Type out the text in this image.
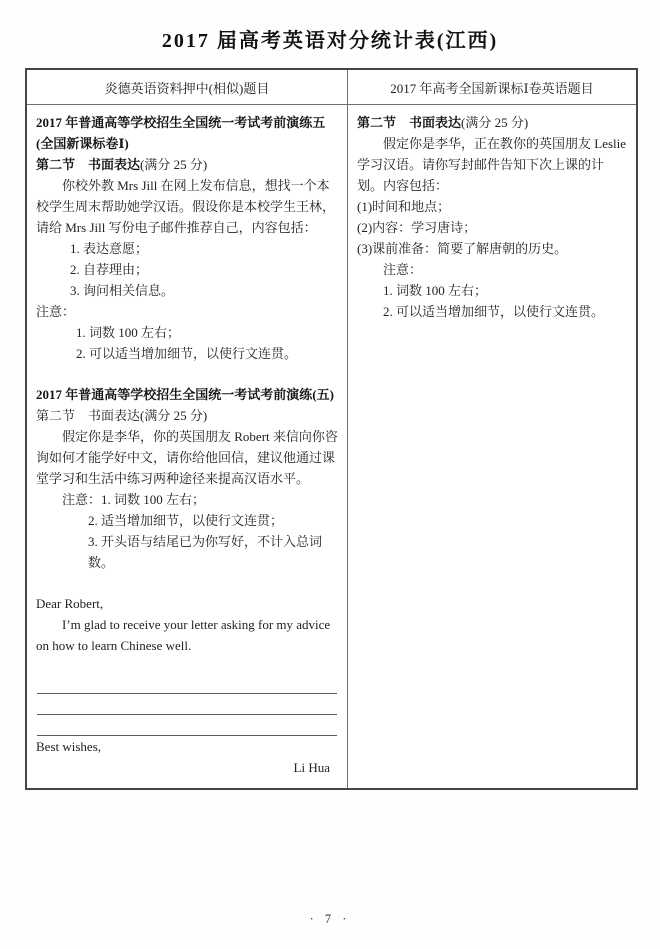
2017 届高考英语对分统计表(江西)
炎德英语资料押中(相似)题目	2017 年高考全国新课标Ⅰ卷英语题目

2017 年普通高等学校招生全国统一考试考前演练五(全国新课标卷Ⅰ)

第二节　书面表达(满分 25 分)

你校外教 Mrs Jill 在网上发布信息，想找一个本校学生周末帮助她学汉语。假设你是本校学生王林，请给 Mrs Jill 写份电子邮件推荐自己，内容包括：

1. 表达意愿；

2. 自荐理由；

3. 询问相关信息。

注意：

1. 词数 100 左右；

2. 可以适当增加细节，以使行文连贯。

2017 年普通高等学校招生全国统一考试考前演练(五)

第二节　书面表达(满分 25 分)

假定你是李华，你的英国朋友 Robert 来信向你咨询如何才能学好中文，请你给他回信，建议他通过课堂学习和生活中练习两种途径来提高汉语水平。

注意：1. 词数 100 左右；

2. 适当增加细节，以使行文连贯；

3. 开头语与结尾已为你写好，不计入总词数。

Dear Robert,

I’m glad to receive your letter asking for my advice on how to learn Chinese well.

Best wishes,

Li Hua

第二节　书面表达(满分 25 分)

假定你是李华，正在教你的英国朋友 Leslie 学习汉语。请你写封邮件告知下次上课的计划。内容包括：

(1)时间和地点；

(2)内容：学习唐诗；

(3)课前准备：简要了解唐朝的历史。

注意：

1. 词数 100 左右；

2. 可以适当增加细节，以使行文连贯。

· 7 ·
